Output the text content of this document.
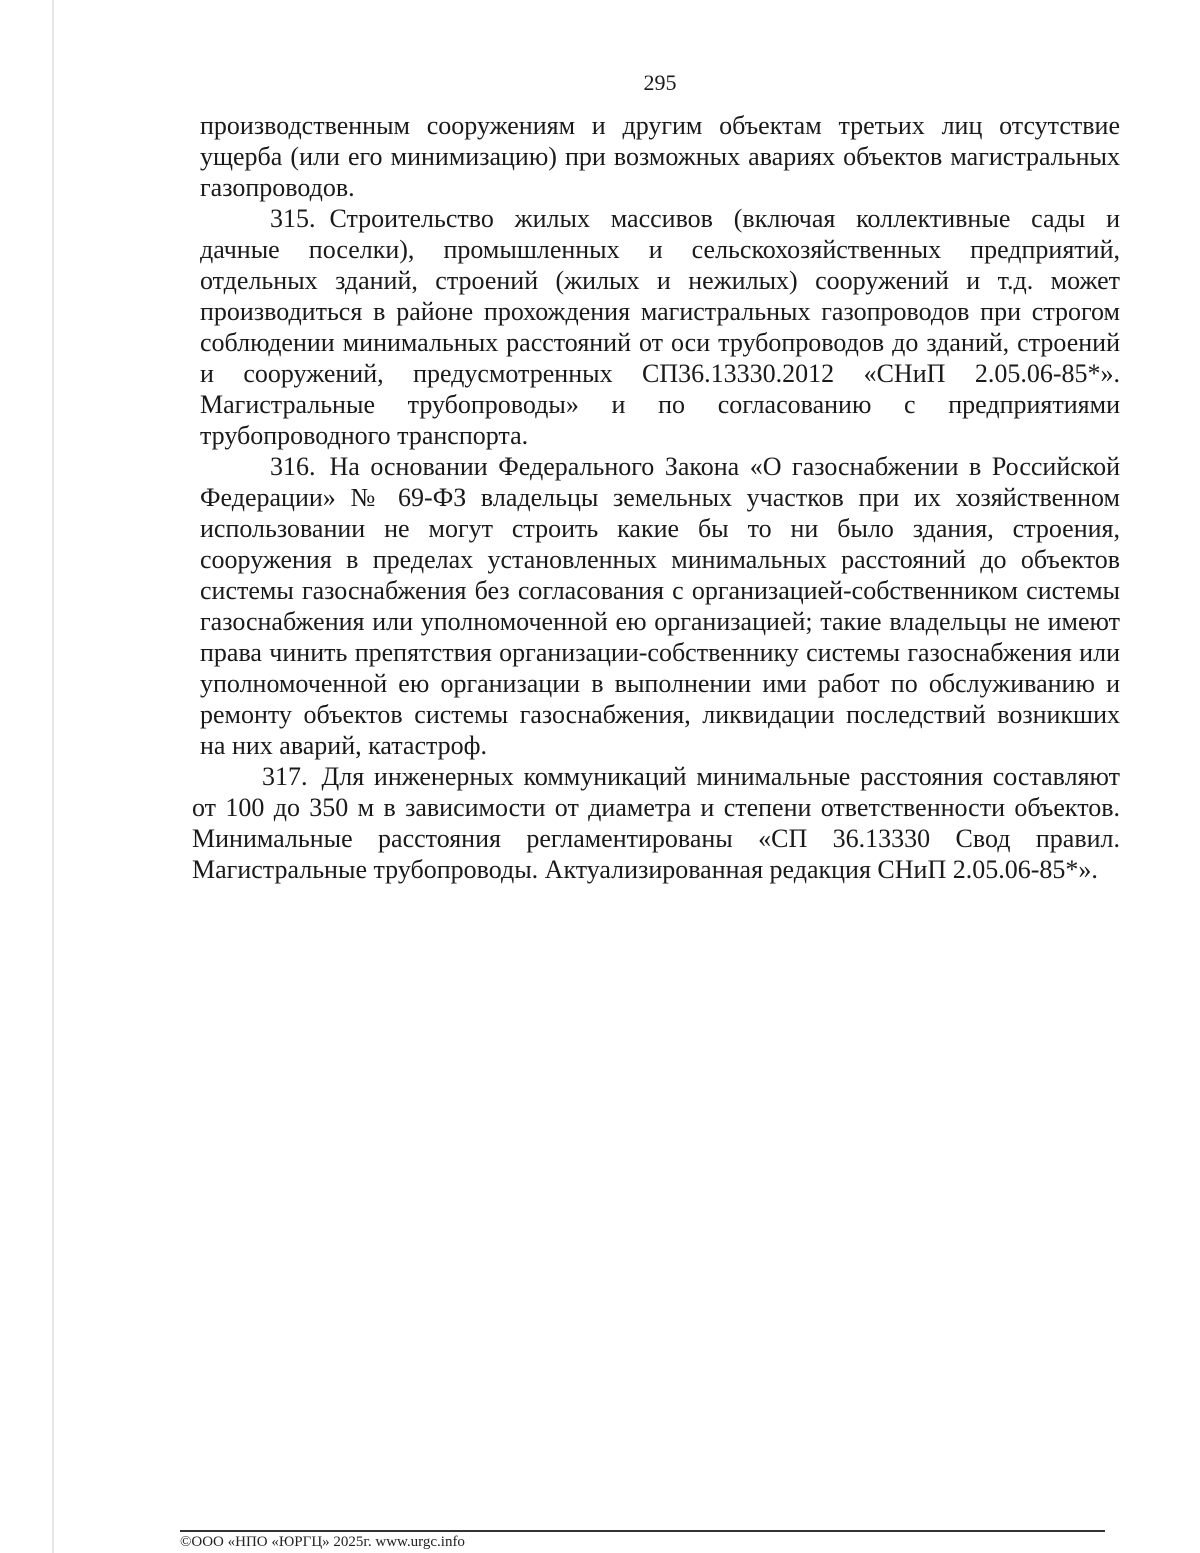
295

производственным сооружениям и другим объектам третьих лиц отсутствие ущерба (или его минимизацию) при возможных авариях объектов магистральных газопроводов.

315. Строительство жилых массивов (включая коллективные сады и дачные поселки), промышленных и сельскохозяйственных предприятий, отдельных зданий, строений (жилых и нежилых) сооружений и т.д. может производиться в районе прохождения магистральных газопроводов при строгом соблюдении минимальных расстояний от оси трубопроводов до зданий, строений и сооружений, предусмотренных СП36.13330.2012 «СНиП 2.05.06-85*». Магистральные трубопроводы» и по согласованию с предприятиями трубопроводного транспорта.

316. На основании Федерального Закона «О газоснабжении в Российской Федерации» № 69-ФЗ владельцы земельных участков при их хозяйственном использовании не могут строить какие бы то ни было здания, строения, сооружения в пределах установленных минимальных расстояний до объектов системы газоснабжения без согласования с организацией-собственником системы газоснабжения или уполномоченной ею организацией; такие владельцы не имеют права чинить препятствия организации-собственнику системы газоснабжения или уполномоченной ею организации в выполнении ими работ по обслуживанию и ремонту объектов системы газоснабжения, ликвидации последствий возникших на них аварий, катастроф.

317. Для инженерных коммуникаций минимальные расстояния составляют от 100 до 350 м в зависимости от диаметра и степени ответственности объектов. Минимальные расстояния регламентированы «СП 36.13330 Свод правил. Магистральные трубопроводы. Актуализированная редакция СНиП 2.05.06-85*».

©ООО «НПО «ЮРГЦ» 2025г. www.urgc.info
